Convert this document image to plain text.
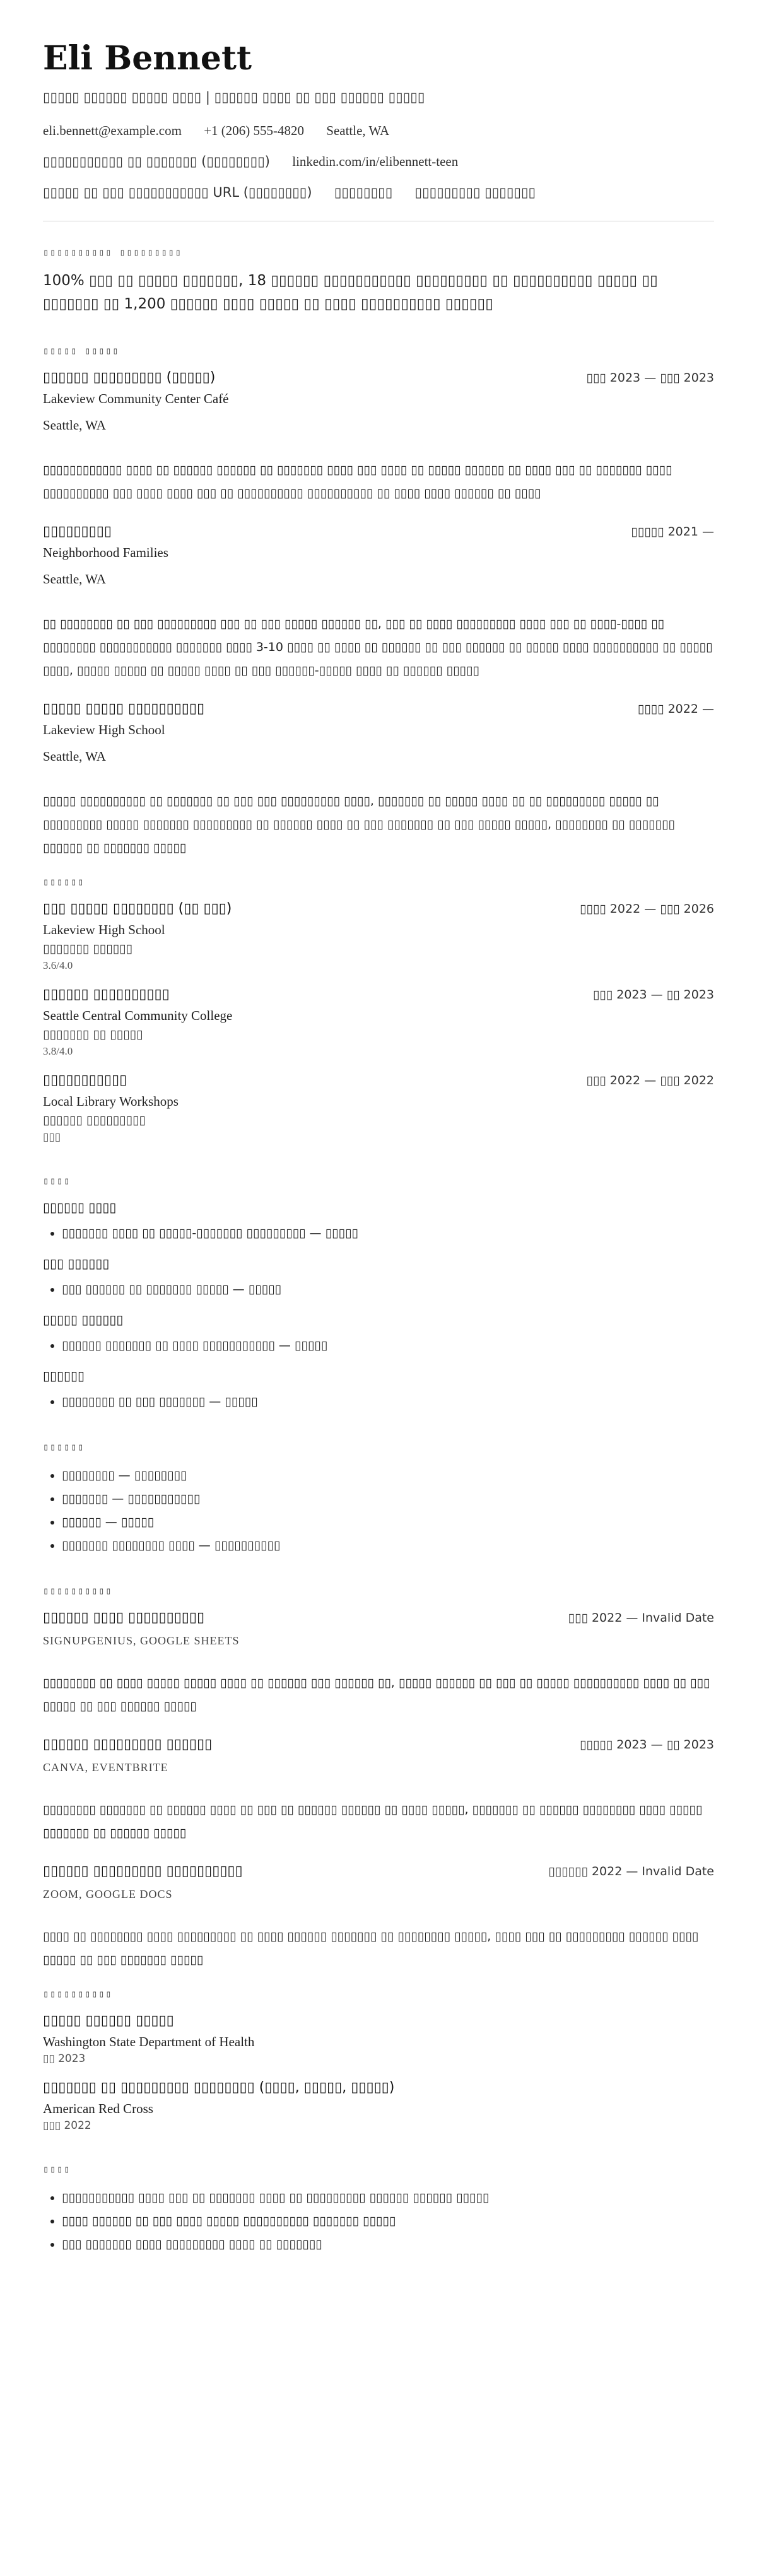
Eli Bennett
▯▯▯▯▯ ▯▯▯▯▯▯ ▯▯▯▯▯ ▯▯▯▯ | ▯▯▯▯▯▯ ▯▯▯▯ ▯▯ ▯▯▯ ▯▯▯▯▯▯ ▯▯▯▯▯
eli.bennett@example.com +1 (206) 555-4820 Seattle, WA
▯▯▯▯▯▯▯▯▯▯▯ ▯▯ ▯▯▯▯▯▯▯ (▯▯▯▯▯▯▯▯) linkedin.com/in/elibennett-teen
▯▯▯▯▯ ▯▯ ▯▯▯ ▯▯▯▯▯▯▯▯▯▯▯ URL (▯▯▯▯▯▯▯▯) ▯▯▯▯▯▯▯▯ ▯▯▯▯▯▯▯▯▯ ▯▯▯▯▯▯▯
▯▯▯▯▯▯▯▯▯▯ ▯▯▯▯▯▯▯▯▯
100% ▯▯▯ ▯▯ ▯▯▯▯▯ ▯▯▯▯▯▯▯, 18 ▯▯▯▯▯▯ ▯▯▯▯▯▯▯▯▯▯▯ ▯▯▯▯▯▯▯▯▯ ▯▯ ▯▯▯▯▯▯▯▯▯▯ ▯▯▯▯▯ ▯▯ ▯▯▯▯▯▯▯ ▯▯ 1,200 ▯▯▯▯▯▯ ▯▯▯▯ ▯▯▯▯▯ ▯▯ ▯▯▯▯ ▯▯▯▯▯▯▯▯▯▯ ▯▯▯▯▯▯
▯▯▯▯▯ ▯▯▯▯▯
▯▯▯▯▯▯ ▯▯▯▯▯▯▯▯▯ (▯▯▯▯▯)	▯▯▯ 2023 — ▯▯▯ 2023
Lakeview Community Center Café
Seattle, WA
▯▯▯▯▯▯▯▯▯▯▯▯ ▯▯▯▯ ▯▯ ▯▯▯▯▯▯ ▯▯▯▯▯▯ ▯▯ ▯▯▯▯▯▯▯ ▯▯▯▯ ▯▯▯ ▯▯▯▯ ▯▯ ▯▯▯▯▯ ▯▯▯▯▯▯ ▯▯ ▯▯▯▯ ▯▯▯ ▯▯ ▯▯▯▯▯▯▯ ▯▯▯▯ ▯▯▯▯▯▯▯▯▯▯ ▯▯▯ ▯▯▯▯ ▯▯▯▯ ▯▯▯ ▯▯ ▯▯▯▯▯▯▯▯▯▯ ▯▯▯▯▯▯▯▯▯▯ ▯▯ ▯▯▯▯ ▯▯▯▯ ▯▯▯▯▯▯ ▯▯ ▯▯▯▯
▯▯▯▯▯▯▯▯▯	▯▯▯▯▯ 2021 —
Neighborhood Families
Seattle, WA
▯▯ ▯▯▯▯▯▯▯▯ ▯▯ ▯▯▯ ▯▯▯▯▯▯▯▯▯ ▯▯▯ ▯▯ ▯▯▯ ▯▯▯▯▯ ▯▯▯▯▯▯ ▯▯, ▯▯▯ ▯▯ ▯▯▯▯ ▯▯▯▯▯▯▯▯▯ ▯▯▯▯ ▯▯▯ ▯▯ ▯▯▯▯-▯▯▯▯ ▯▯ ▯▯▯▯▯▯▯▯ ▯▯▯▯▯▯▯▯▯▯▯ ▯▯▯▯▯▯▯ ▯▯▯▯ 3-10 ▯▯▯▯ ▯▯ ▯▯▯▯ ▯▯ ▯▯▯▯▯▯ ▯▯ ▯▯▯ ▯▯▯▯▯▯ ▯▯ ▯▯▯▯▯ ▯▯▯▯ ▯▯▯▯▯▯▯▯▯▯ ▯▯ ▯▯▯▯▯ ▯▯▯▯, ▯▯▯▯▯ ▯▯▯▯▯ ▯▯ ▯▯▯▯▯ ▯▯▯▯ ▯▯ ▯▯▯ ▯▯▯▯▯▯-▯▯▯▯▯ ▯▯▯▯ ▯▯ ▯▯▯▯▯▯ ▯▯▯▯▯
▯▯▯▯▯ ▯▯▯▯▯ ▯▯▯▯▯▯▯▯▯▯	▯▯▯▯ 2022 —
Lakeview High School
Seattle, WA
▯▯▯▯▯ ▯▯▯▯▯▯▯▯▯▯ ▯▯ ▯▯▯▯▯▯▯ ▯▯ ▯▯▯ ▯▯▯ ▯▯▯▯▯▯▯▯▯ ▯▯▯▯, ▯▯▯▯▯▯▯ ▯▯ ▯▯▯▯▯ ▯▯▯▯ ▯▯ ▯▯ ▯▯▯▯▯▯▯▯▯ ▯▯▯▯▯ ▯▯ ▯▯▯▯▯▯▯▯▯ ▯▯▯▯▯ ▯▯▯▯▯▯▯ ▯▯▯▯▯▯▯▯▯ ▯▯ ▯▯▯▯▯▯ ▯▯▯▯ ▯▯ ▯▯▯ ▯▯▯▯▯▯▯ ▯▯ ▯▯▯ ▯▯▯▯▯ ▯▯▯▯▯, ▯▯▯▯▯▯▯▯ ▯▯ ▯▯▯▯▯▯▯ ▯▯▯▯▯▯ ▯▯ ▯▯▯▯▯▯▯ ▯▯▯▯▯
▯▯▯▯▯▯
▯▯▯ ▯▯▯▯▯ ▯▯▯▯▯▯▯▯ (▯▯ ▯▯▯)	▯▯▯▯ 2022 — ▯▯▯ 2026
Lakeview High School
▯▯▯▯▯▯▯ ▯▯▯▯▯▯
3.6/4.0
▯▯▯▯▯▯ ▯▯▯▯▯▯▯▯▯▯	▯▯▯ 2023 — ▯▯ 2023
Seattle Central Community College
▯▯▯▯▯▯▯ ▯▯ ▯▯▯▯▯
3.8/4.0
▯▯▯▯▯▯▯▯▯▯▯	▯▯▯ 2022 — ▯▯▯ 2022
Local Library Workshops
▯▯▯▯▯▯ ▯▯▯▯▯▯▯▯▯
▯▯▯
▯▯▯▯
▯▯▯▯▯▯ ▯▯▯▯
• ▯▯▯▯▯▯▯ ▯▯▯▯ ▯▯ ▯▯▯▯▯-▯▯▯▯▯▯▯ ▯▯▯▯▯▯▯▯▯ — ▯▯▯▯▯
▯▯▯ ▯▯▯▯▯▯
• ▯▯▯ ▯▯▯▯▯▯ ▯▯ ▯▯▯▯▯▯▯ ▯▯▯▯▯ — ▯▯▯▯▯
▯▯▯▯▯ ▯▯▯▯▯▯
• ▯▯▯▯▯▯ ▯▯▯▯▯▯▯ ▯▯ ▯▯▯▯ ▯▯▯▯▯▯▯▯▯▯▯ — ▯▯▯▯▯
▯▯▯▯▯▯
• ▯▯▯▯▯▯▯▯ ▯▯ ▯▯▯ ▯▯▯▯▯▯▯ — ▯▯▯▯▯
▯▯▯▯▯▯
• ▯▯▯▯▯▯▯▯ — ▯▯▯▯▯▯▯▯
• ▯▯▯▯▯▯▯ — ▯▯▯▯▯▯▯▯▯▯▯
• ▯▯▯▯▯▯ — ▯▯▯▯▯
• ▯▯▯▯▯▯▯ ▯▯▯▯▯▯▯▯ ▯▯▯▯ — ▯▯▯▯▯▯▯▯▯▯
▯▯▯▯▯▯▯▯▯▯
▯▯▯▯▯▯ ▯▯▯▯ ▯▯▯▯▯▯▯▯▯▯	▯▯▯ 2022 — Invalid Date
SIGNUPGENIUS, GOOGLE SHEETS
▯▯▯▯▯▯▯▯ ▯▯ ▯▯▯▯ ▯▯▯▯▯ ▯▯▯▯▯ ▯▯▯▯ ▯▯ ▯▯▯▯▯▯ ▯▯▯ ▯▯▯▯▯▯ ▯▯, ▯▯▯▯▯ ▯▯▯▯▯▯ ▯▯ ▯▯▯ ▯▯ ▯▯▯▯▯ ▯▯▯▯▯▯▯▯▯▯ ▯▯▯▯ ▯▯ ▯▯▯ ▯▯▯▯▯ ▯▯ ▯▯▯ ▯▯▯▯▯▯ ▯▯▯▯▯
▯▯▯▯▯▯ ▯▯▯▯▯▯▯▯▯ ▯▯▯▯▯▯	▯▯▯▯▯ 2023 — ▯▯ 2023
CANVA, EVENTBRITE
▯▯▯▯▯▯▯▯ ▯▯▯▯▯▯▯ ▯▯ ▯▯▯▯▯▯ ▯▯▯▯ ▯▯ ▯▯▯ ▯▯ ▯▯▯▯▯▯ ▯▯▯▯▯▯ ▯▯ ▯▯▯▯ ▯▯▯▯▯, ▯▯▯▯▯▯▯ ▯▯ ▯▯▯▯▯▯ ▯▯▯▯▯▯▯▯ ▯▯▯▯ ▯▯▯▯▯ ▯▯▯▯▯▯▯ ▯▯ ▯▯▯▯▯▯ ▯▯▯▯▯
▯▯▯▯▯▯ ▯▯▯▯▯▯▯▯▯ ▯▯▯▯▯▯▯▯▯▯	▯▯▯▯▯▯ 2022 — Invalid Date
ZOOM, GOOGLE DOCS
▯▯▯▯ ▯▯ ▯▯▯▯▯▯▯▯ ▯▯▯▯ ▯▯▯▯▯▯▯▯▯ ▯▯ ▯▯▯▯ ▯▯▯▯▯▯ ▯▯▯▯▯▯▯ ▯▯ ▯▯▯▯▯▯▯▯ ▯▯▯▯▯, ▯▯▯▯ ▯▯▯ ▯▯ ▯▯▯▯▯▯▯▯▯ ▯▯▯▯▯▯ ▯▯▯▯ ▯▯▯▯▯ ▯▯ ▯▯▯ ▯▯▯▯▯▯▯ ▯▯▯▯▯
▯▯▯▯▯▯▯▯▯▯
▯▯▯▯▯ ▯▯▯▯▯▯ ▯▯▯▯▯
Washington State Department of Health
▯▯ 2023
▯▯▯▯▯▯▯ ▯▯ ▯▯▯▯▯▯▯▯▯ ▯▯▯▯▯▯▯▯ (▯▯▯▯, ▯▯▯▯▯, ▯▯▯▯▯)
American Red Cross
▯▯▯ 2022
▯▯▯▯
• ▯▯▯▯▯▯▯▯▯▯▯ ▯▯▯▯ ▯▯▯ ▯▯ ▯▯▯▯▯▯▯ ▯▯▯▯ ▯▯ ▯▯▯▯▯▯▯▯▯ ▯▯▯▯▯▯ ▯▯▯▯▯▯ ▯▯▯▯▯
• ▯▯▯▯ ▯▯▯▯▯▯ ▯▯ ▯▯▯ ▯▯▯▯ ▯▯▯▯▯ ▯▯▯▯▯▯▯▯▯▯ ▯▯▯▯▯▯▯ ▯▯▯▯▯
• ▯▯▯ ▯▯▯▯▯▯▯ ▯▯▯▯ ▯▯▯▯▯▯▯▯▯ ▯▯▯▯ ▯▯ ▯▯▯▯▯▯▯
